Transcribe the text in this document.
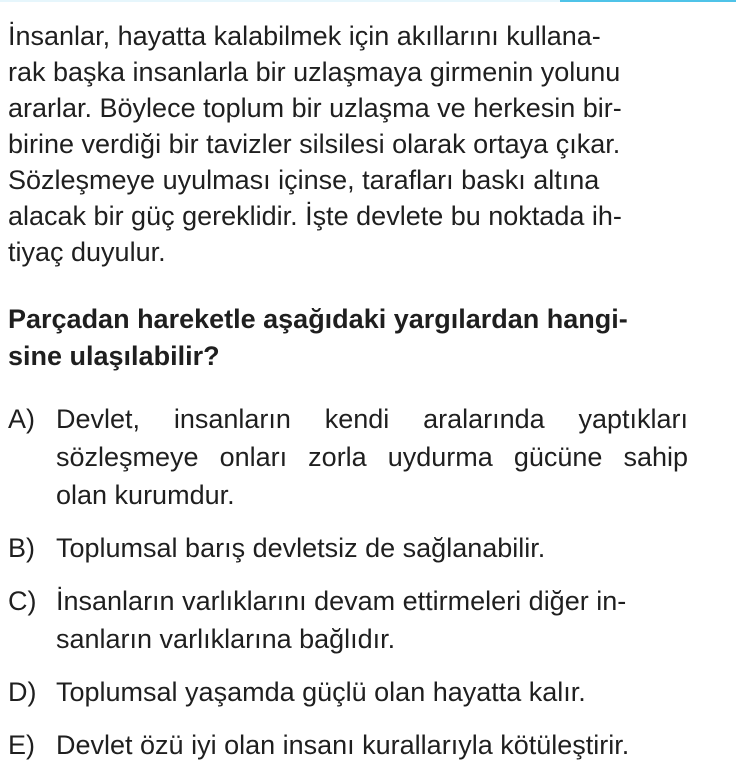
İnsanlar, hayatta kalabilmek için akıllarını kullana-
rak başka insanlarla bir uzlaşmaya girmenin yolunu
ararlar. Böylece toplum bir uzlaşma ve herkesin bir-
birine verdiği bir tavizler silsilesi olarak ortaya çıkar.
Sözleşmeye uyulması içinse, tarafları baskı altına
alacak bir güç gereklidir. İşte devlete bu noktada ih-
tiyaç duyulur.
Parçadan hareketle aşağıdaki yargılardan hangi-
sine ulaşılabilir?
A) Devlet, insanların kendi aralarında yaptıkları
sözleşmeye onları zorla uydurma gücüne sahip
olan kurumdur.
B) Toplumsal barış devletsiz de sağlanabilir.
C) İnsanların varlıklarını devam ettirmeleri diğer in-
sanların varlıklarına bağlıdır.
D) Toplumsal yaşamda güçlü olan hayatta kalır.
E) Devlet özü iyi olan insanı kurallarıyla kötüleştirir.
